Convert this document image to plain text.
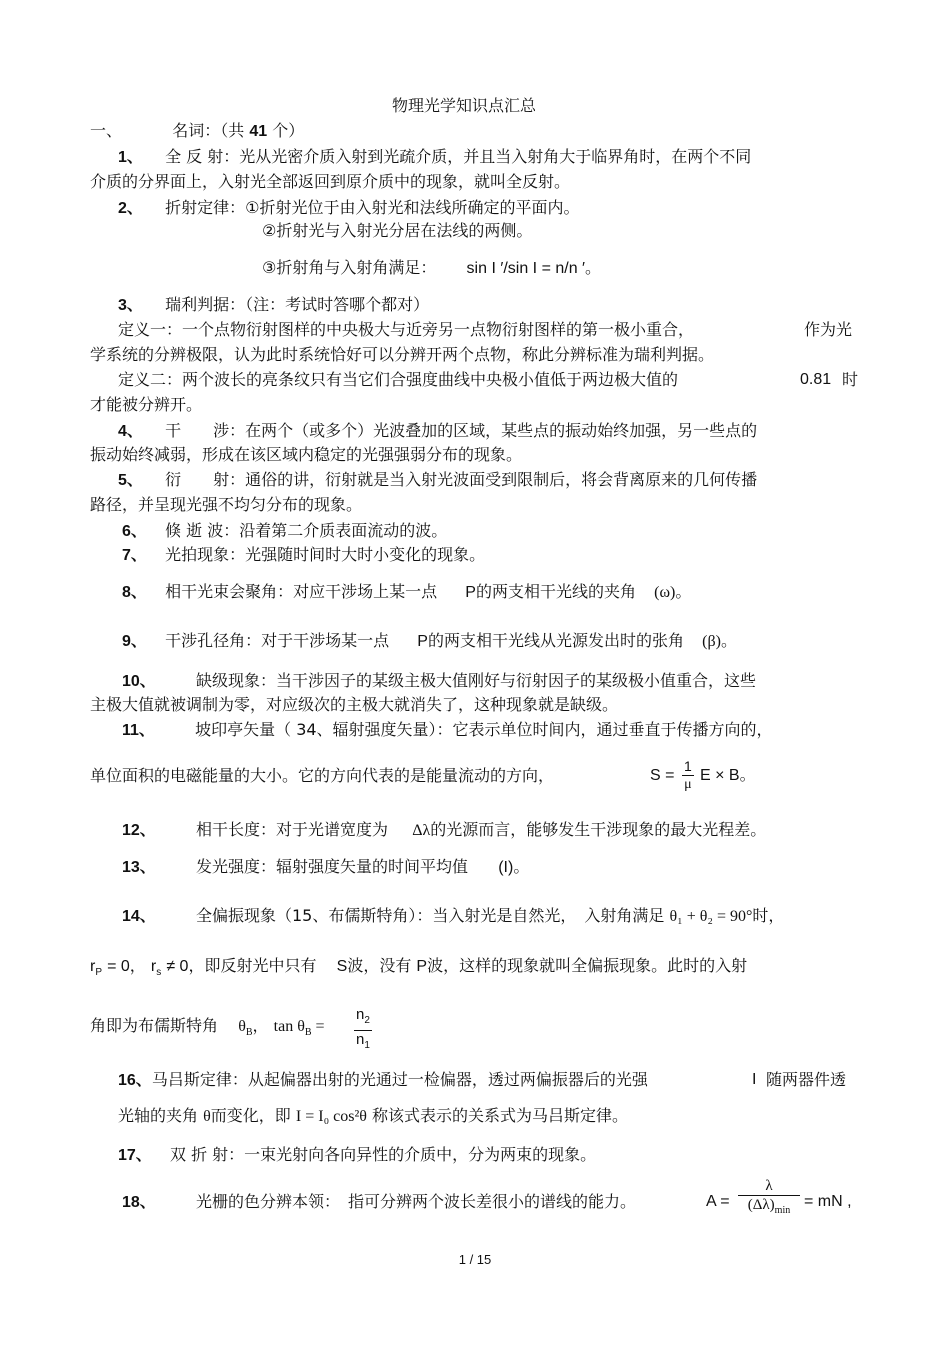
物理光学知识点汇总
一、	名词：（共 41 个）
1、 全 反 射：光从光密介质入射到光疏介质，并且当入射角大于临界角时，在两个不同
介质的分界面上，入射光全部返回到原介质中的现象，就叫全反射。
2、 折射定律：①折射光位于由入射光和法线所确定的平面内。
②折射光与入射光分居在法线的两侧。
③折射角与入射角满足： sin I ′/sin I = n/n ′。
3、 瑞利判据：（注：考试时答哪个都对）
定义一：一个点物衍射图样的中央极大与近旁另一点物衍射图样的第一极小重合，	作为光
学系统的分辨极限，认为此时系统恰好可以分辨开两个点物，称此分辨标准为瑞利判据。
定义二：两个波长的亮条纹只有当它们合强度曲线中央极小值低于两边极大值的	0.81 时
才能被分辨开。
4、 干　　涉：在两个（或多个）光波叠加的区域，某些点的振动始终加强，另一些点的
振动始终减弱，形成在该区域内稳定的光强强弱分布的现象。
5、 衍　　射：通俗的讲，衍射就是当入射光波面受到限制后，将会背离原来的几何传播
路径，并呈现光强不均匀分布的现象。
6、 倏 逝 波：沿着第二介质表面流动的波。
7、 光拍现象：光强随时间时大时小变化的现象。
8、 相干光束会聚角：对应干涉场上某一点 P的两支相干光线的夹角 (ω)。
9、 干涉孔径角：对于干涉场某一点 P的两支相干光线从光源发出时的张角 (β)。
10、	缺级现象：当干涉因子的某级主极大值刚好与衍射因子的某级极小值重合，这些
主极大值就被调制为零，对应级次的主极大就消失了，这种现象就是缺级。
11、	坡印亭矢量（ 34、辐射强度矢量）：它表示单位时间内，通过垂直于传播方向的，
单位面积的电磁能量的大小。它的方向代表的是能量流动的方向，	$S = \frac{1}{\mu}$ E × B。
12、	相干长度：对于光谱宽度为 Δλ的光源而言，能够发生干涉现象的最大光程差。
13、	发光强度：辐射强度矢量的时间平均值 (I)。
14、	全偏振现象（15、布儒斯特角）：当入射光是自然光，　入射角满足 θ₁ + θ₂ = 90°时，
$r_P = 0$， $r_s \ne 0$，即反射光中只有 S波，没有 P波，这样的现象就叫全偏振现象。此时的入射
角即为布儒斯特角 $\theta_B$， $\tan \theta_B = \frac{n_2}{n_1}$
16、马吕斯定律：从起偏器出射的光通过一检偏器，透过两偏振器后的光强	I 随两器件透
光轴的夹角 θ而变化，即 I = I₀ cos²θ 称该式表示的关系式为马吕斯定律。
17、 双 折 射：一束光射向各向异性的介质中，分为两束的现象。
18、	光栅的色分辨本领：　指可分辨两个波长差很小的谱线的能力。	A =
λ
$(\Delta\lambda)_{min}$
= mN ,
1 / 15
